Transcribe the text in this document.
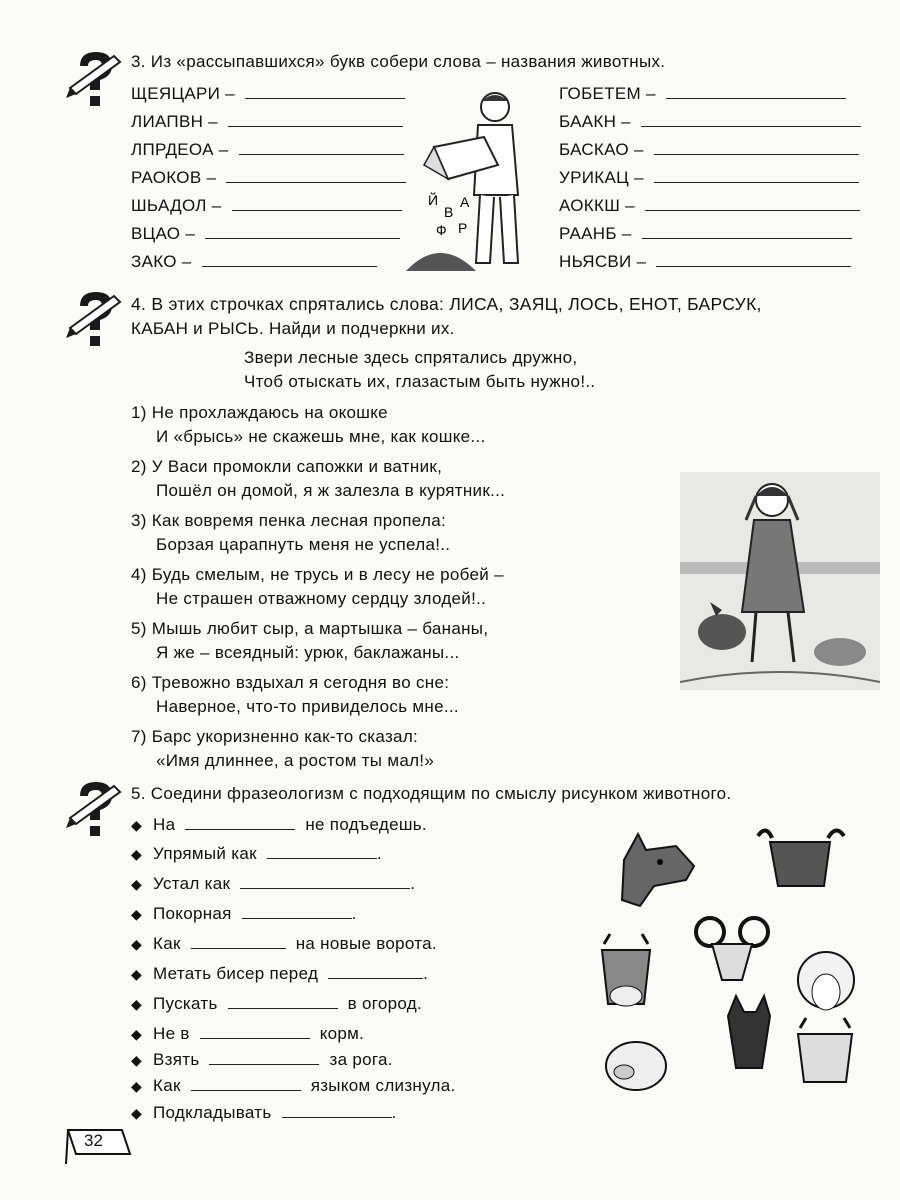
3. Из «рассыпавшихся» букв собери слова – названия животных.
ЩЕЯЦАРИ –
ЛИАПВН –
ЛПРДЕОА –
РАОКОВ –
ШЬАДОЛ –
ВЦАО –
ЗАКО –
Й
В
А
Ф Р
ГОБЕТЕМ –
БААКН –
БАСКАО –
УРИКАЦ –
АОККШ –
РААНБ –
НЬЯСВИ –
4. В этих строчках спрятались слова: ЛИСА, ЗАЯЦ, ЛОСЬ, ЕНОТ, БАРСУК,
КАБАН и РЫСЬ. Найди и подчеркни их.
Звери лесные здесь спрятались дружно,
Чтоб отыскать их, глазастым быть нужно!..
1) Не прохлаждаюсь на окошке
И «брысь» не скажешь мне, как кошке...
2) У Васи промокли сапожки и ватник,
Пошёл он домой, я ж залезла в курятник...
3) Как вовремя пенка лесная пропела:
Борзая царапнуть меня не успела!..
4) Будь смелым, не трусь и в лесу не робей –
Не страшен отважному сердцу злодей!..
5) Мышь любит сыр, а мартышка – бананы,
Я же – всеядный: урюк, баклажаны...
6) Тревожно вздыхал я сегодня во сне:
Наверное, что-то привиделось мне...
7) Барс укоризненно как-то сказал:
«Имя длиннее, а ростом ты мал!»
5. Соедини фразеологизм с подходящим по смыслу рисунком животного.
◆ На	не подъедешь.
◆ Упрямый как	.
◆ Устал как	.
◆ Покорная	.
◆ Как	на новые ворота.
◆ Метать бисер перед	.
◆ Пускать	в огород.
◆ Не в	корм.
◆ Взять	за рога.
◆ Как	языком слизнула.
◆ Подкладывать	.
32
